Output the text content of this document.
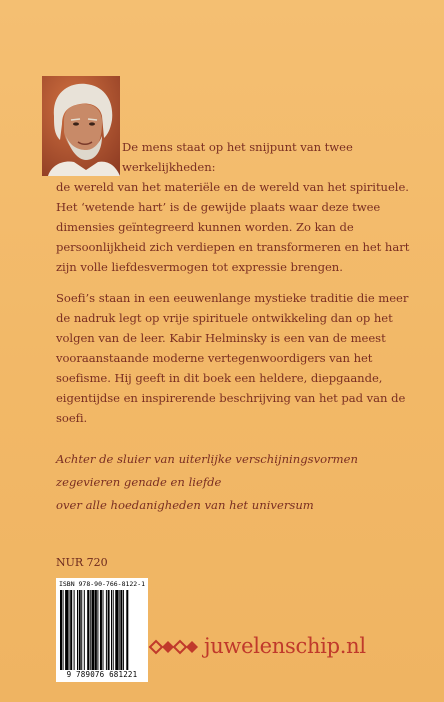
De mens staat op het snijpunt van twee werkelijkheden:
de wereld van het materiële en de wereld van het spirituele. Het ‘wetende hart’ is de gewijde plaats waar deze twee dimensies geïntegreerd kunnen worden. Zo kan de persoonlijkheid zich verdiepen en transformeren en het hart zijn volle liefdesvermogen tot expressie brengen.
Soefi’s staan in een eeuwenlange mystieke traditie die meer de nadruk legt op vrije spirituele ontwikkeling dan op het volgen van de leer. Kabir Helminsky is een van de meest vooraanstaande moderne vertegenwoordigers van het soefisme. Hij geeft in dit boek een heldere, diepgaande, eigentijdse en inspirerende beschrijving van het pad van de soefi.
Achter de sluier van uiterlijke verschijningsvormen
zegevieren genade en liefde
over alle hoedanigheden van het universum
NUR 720
ISBN 978-90-766-8122-1
9 789076 681221
juwelenschip.nl
